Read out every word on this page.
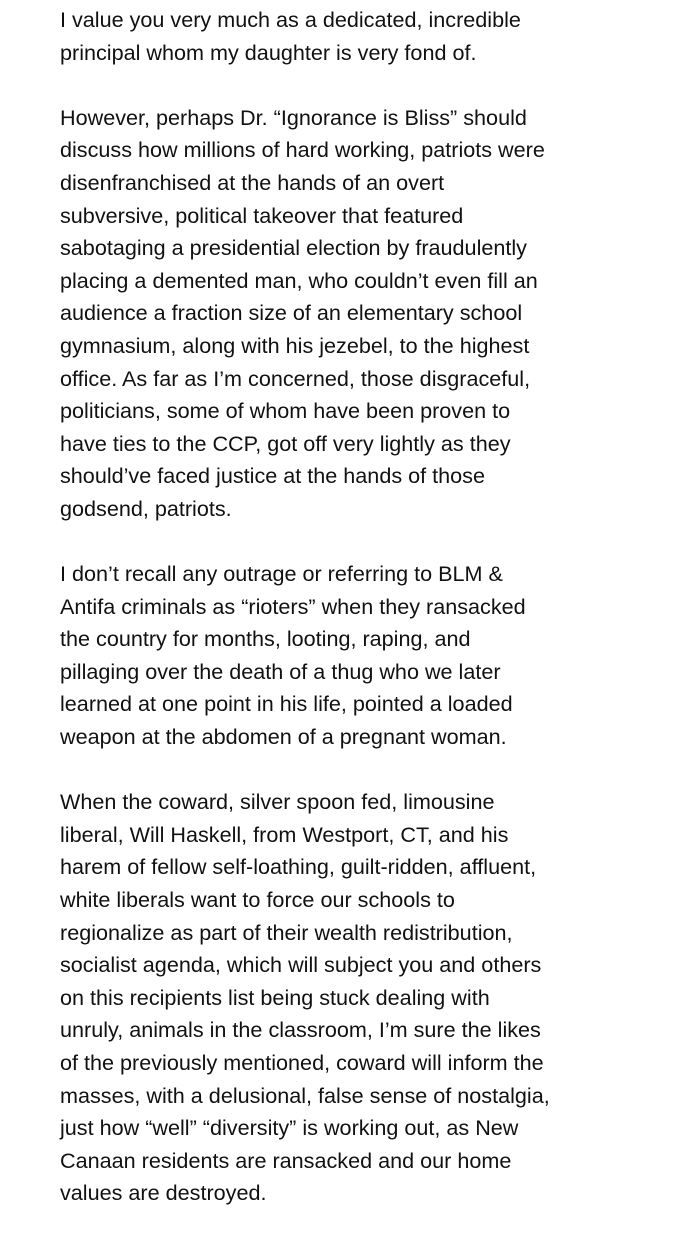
I value you very much as a dedicated, incredible
principal whom my daughter is very fond of.
However, perhaps Dr. “Ignorance is Bliss” should
discuss how millions of hard working, patriots were
disenfranchised at the hands of an overt
subversive, political takeover that featured
sabotaging a presidential election by fraudulently
placing a demented man, who couldn’t even fill an
audience a fraction size of an elementary school
gymnasium, along with his jezebel, to the highest
office. As far as I’m concerned, those disgraceful,
politicians, some of whom have been proven to
have ties to the CCP, got off very lightly as they
should’ve faced justice at the hands of those
godsend, patriots.
I don’t recall any outrage or referring to BLM &
Antifa criminals as “rioters” when they ransacked
the country for months, looting, raping, and
pillaging over the death of a thug who we later
learned at one point in his life, pointed a loaded
weapon at the abdomen of a pregnant woman.
When the coward, silver spoon fed, limousine
liberal, Will Haskell, from Westport, CT, and his
harem of fellow self-loathing, guilt-ridden, affluent,
white liberals want to force our schools to
regionalize as part of their wealth redistribution,
socialist agenda, which will subject you and others
on this recipients list being stuck dealing with
unruly, animals in the classroom, I’m sure the likes
of the previously mentioned, coward will inform the
masses, with a delusional, false sense of nostalgia,
just how “well” “diversity” is working out, as New
Canaan residents are ransacked and our home
values are destroyed.
